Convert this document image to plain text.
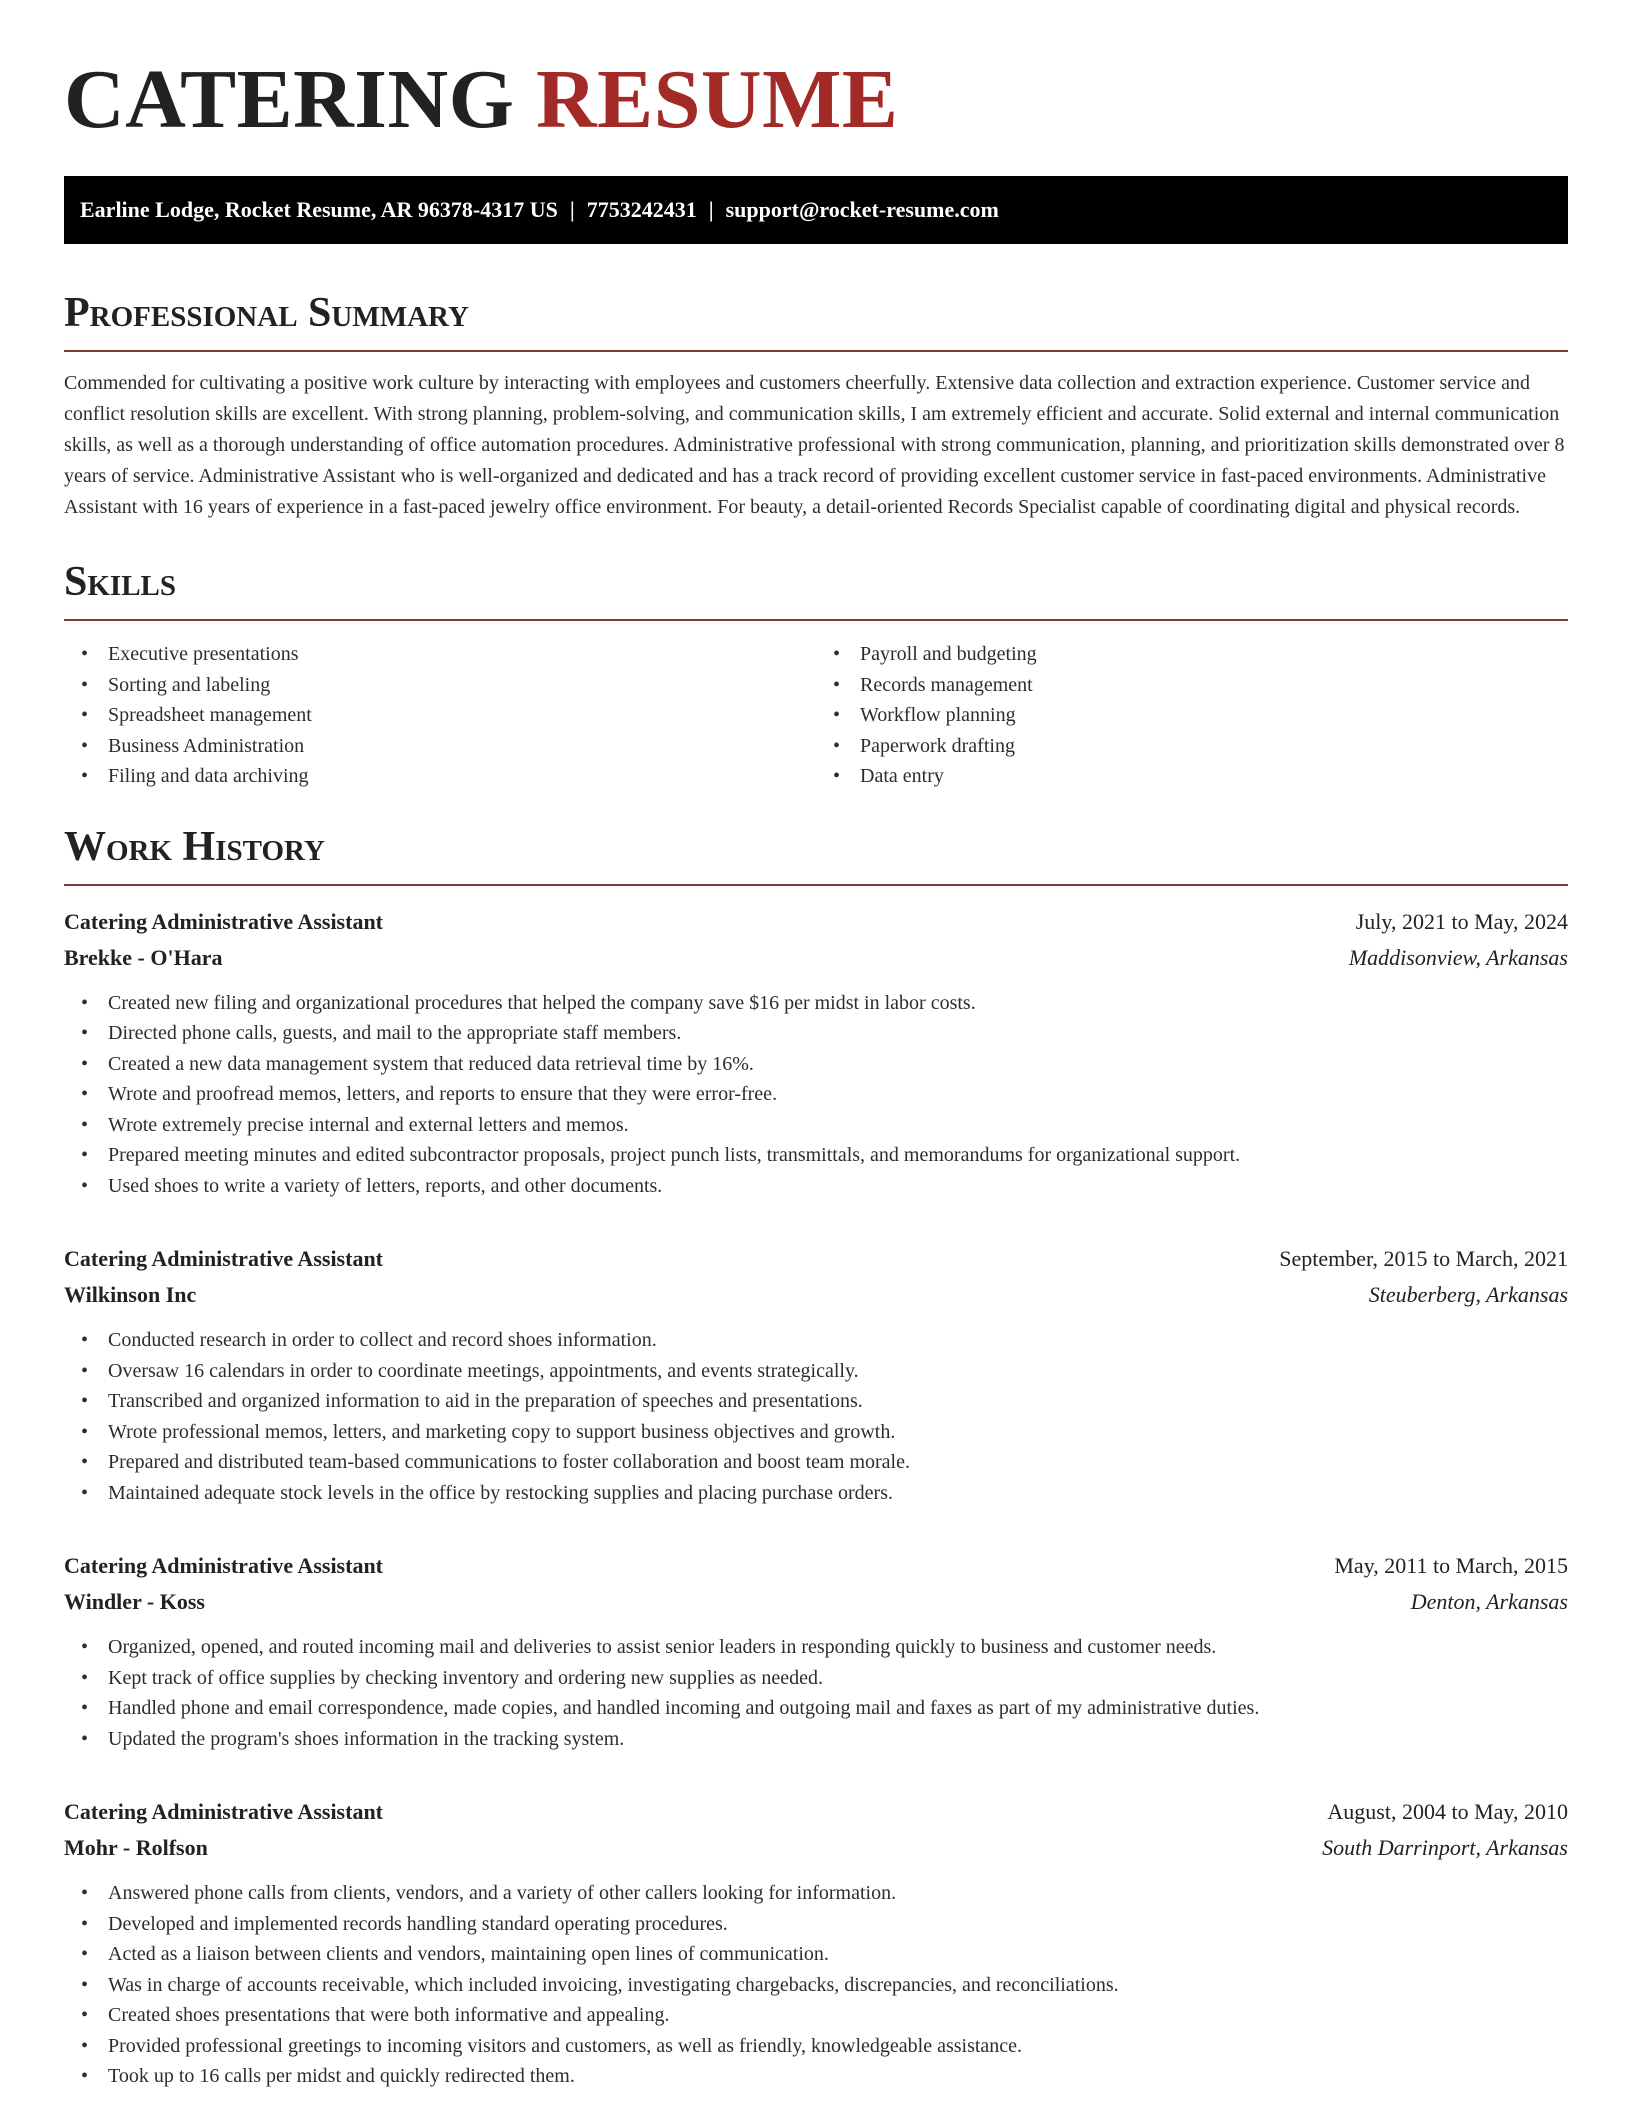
CATERING RESUME
Earline Lodge, Rocket Resume, AR 96378-4317 US | 7753242431 | support@rocket-resume.com
Professional Summary

Commended for cultivating a positive work culture by interacting with employees and customers cheerfully. Extensive data collection and extraction experience. Customer service and conflict resolution skills are excellent. With strong planning, problem-solving, and communication skills, I am extremely efficient and accurate. Solid external and internal communication skills, as well as a thorough understanding of office automation procedures. Administrative professional with strong communication, planning, and prioritization skills demonstrated over 8 years of service. Administrative Assistant who is well-organized and dedicated and has a track record of providing excellent customer service in fast-paced environments. Administrative Assistant with 16 years of experience in a fast-paced jewelry office environment. For beauty, a detail-oriented Records Specialist capable of coordinating digital and physical records.

Skills
• Executive presentations
• Sorting and labeling
• Spreadsheet management
• Business Administration
• Filing and data archiving
• Payroll and budgeting
• Records management
• Workflow planning
• Paperwork drafting
• Data entry
Work History
Catering Administrative Assistant	July, 2021 to May, 2024
Brekke - O'Hara	Maddisonview, Arkansas
• Created new filing and organizational procedures that helped the company save $16 per midst in labor costs.
• Directed phone calls, guests, and mail to the appropriate staff members.
• Created a new data management system that reduced data retrieval time by 16%.
• Wrote and proofread memos, letters, and reports to ensure that they were error-free.
• Wrote extremely precise internal and external letters and memos.
• Prepared meeting minutes and edited subcontractor proposals, project punch lists, transmittals, and memorandums for organizational support.
• Used shoes to write a variety of letters, reports, and other documents.
Catering Administrative Assistant	September, 2015 to March, 2021
Wilkinson Inc	Steuberberg, Arkansas
• Conducted research in order to collect and record shoes information.
• Oversaw 16 calendars in order to coordinate meetings, appointments, and events strategically.
• Transcribed and organized information to aid in the preparation of speeches and presentations.
• Wrote professional memos, letters, and marketing copy to support business objectives and growth.
• Prepared and distributed team-based communications to foster collaboration and boost team morale.
• Maintained adequate stock levels in the office by restocking supplies and placing purchase orders.
Catering Administrative Assistant	May, 2011 to March, 2015
Windler - Koss	Denton, Arkansas
• Organized, opened, and routed incoming mail and deliveries to assist senior leaders in responding quickly to business and customer needs.
• Kept track of office supplies by checking inventory and ordering new supplies as needed.
• Handled phone and email correspondence, made copies, and handled incoming and outgoing mail and faxes as part of my administrative duties.
• Updated the program's shoes information in the tracking system.
Catering Administrative Assistant	August, 2004 to May, 2010
Mohr - Rolfson	South Darrinport, Arkansas
• Answered phone calls from clients, vendors, and a variety of other callers looking for information.
• Developed and implemented records handling standard operating procedures.
• Acted as a liaison between clients and vendors, maintaining open lines of communication.
• Was in charge of accounts receivable, which included invoicing, investigating chargebacks, discrepancies, and reconciliations.
• Created shoes presentations that were both informative and appealing.
• Provided professional greetings to incoming visitors and customers, as well as friendly, knowledgeable assistance.
• Took up to 16 calls per midst and quickly redirected them.
